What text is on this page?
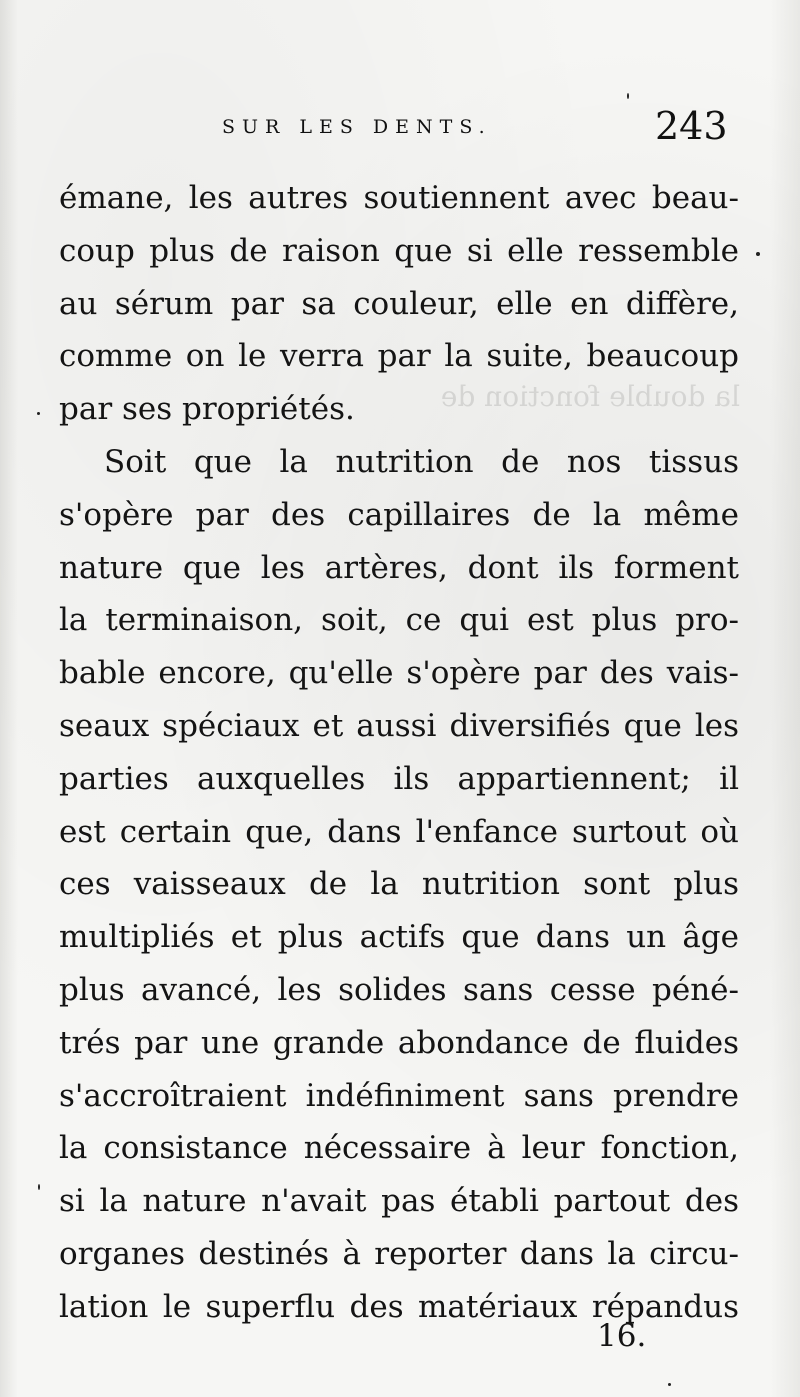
la double fonction de
SUR LES DENTS.	243
émane, les autres soutiennent avec beau-
coup plus de raison que si elle ressemble
au sérum par sa couleur, elle en diffère,
comme on le verra par la suite, beaucoup
par ses propriétés.
Soit que la nutrition de nos tissus
s'opère par des capillaires de la même
nature que les artères, dont ils forment
la terminaison, soit, ce qui est plus pro-
bable encore, qu'elle s'opère par des vais-
seaux spéciaux et aussi diversifiés que les
parties auxquelles ils appartiennent; il
est certain que, dans l'enfance surtout où
ces vaisseaux de la nutrition sont plus
multipliés et plus actifs que dans un âge
plus avancé, les solides sans cesse péné-
trés par une grande abondance de fluides
s'accroîtraient indéfiniment sans prendre
la consistance nécessaire à leur fonction,
si la nature n'avait pas établi partout des
organes destinés à reporter dans la circu-
lation le superflu des matériaux répandus
16.
